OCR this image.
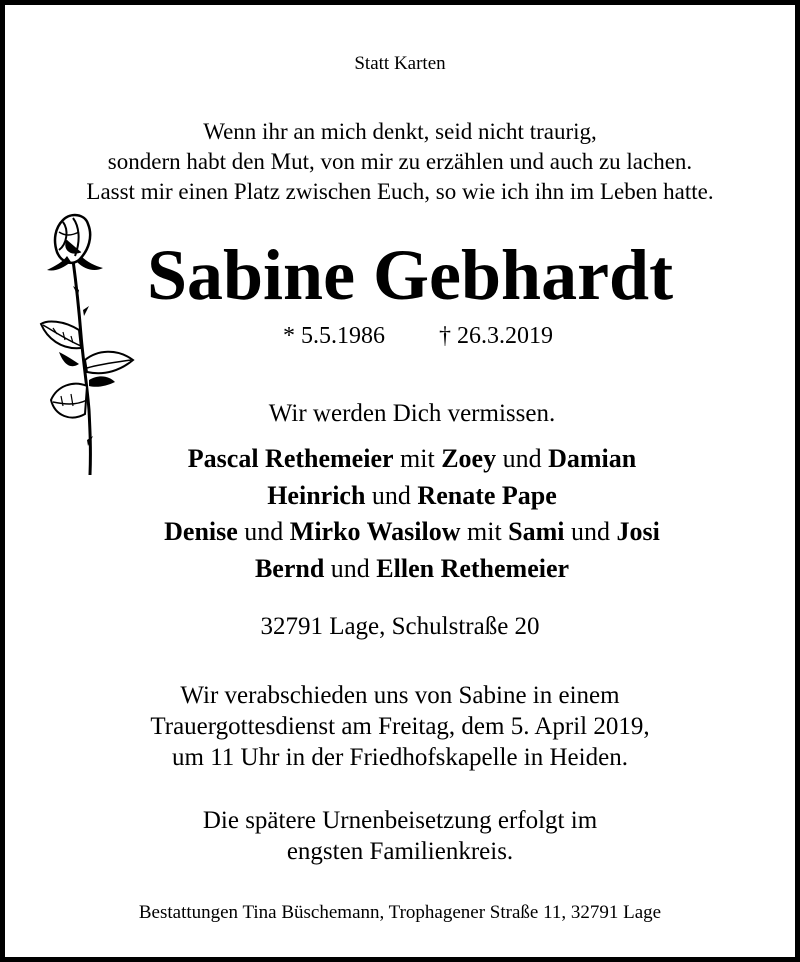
Statt Karten
Wenn ihr an mich denkt, seid nicht traurig,
sondern habt den Mut, von mir zu erzählen und auch zu lachen.
Lasst mir einen Platz zwischen Euch, so wie ich ihn im Leben hatte.
Sabine Gebhardt
* 5.5.1986 † 26.3.2019
Wir werden Dich vermissen.
Pascal Rethemeier mit Zoey und Damian
Heinrich und Renate Pape
Denise und Mirko Wasilow mit Sami und Josi
Bernd und Ellen Rethemeier
32791 Lage, Schulstraße 20
Wir verabschieden uns von Sabine in einem
Trauergottesdienst am Freitag, dem 5. April 2019,
um 11 Uhr in der Friedhofskapelle in Heiden.
Die spätere Urnenbeisetzung erfolgt im
engsten Familienkreis.
Bestattungen Tina Büschemann, Trophagener Straße 11, 32791 Lage
